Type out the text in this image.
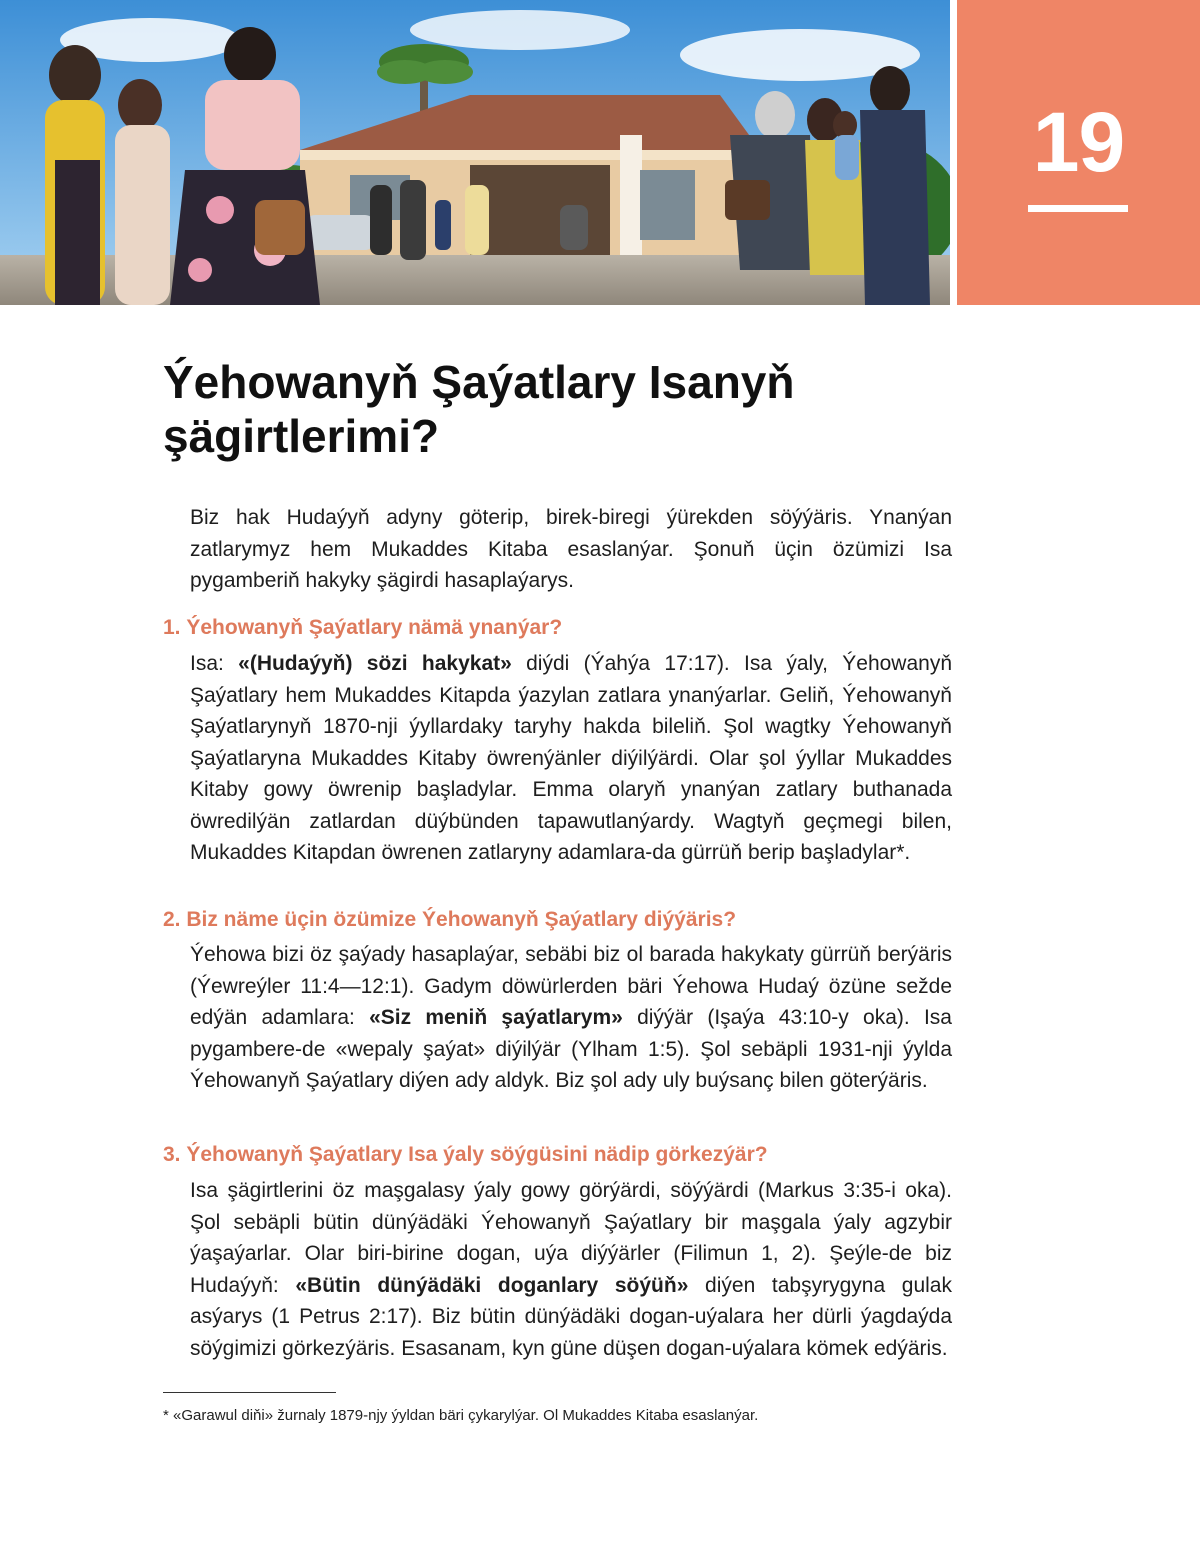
19
Ýehowanyň Şaýatlary Isanyň
şägirtlerimi?

Biz hak Hudaýyň adyny göterip, birek-biregi ýürekden söýýäris. Ynanýan zatlarymyz hem Mukaddes Kitaba esaslanýar. Şonuň üçin özümizi Isa pygamberiň hakyky şägirdi hasaplaýarys.

1. Ýehowanyň Şaýatlary nämä ynanýar?

Isa: «(Hudaýyň) sözi hakykat» diýdi (Ýahýa 17:17). Isa ýaly, Ýehowanyň Şaýatlary hem Mukaddes Kitapda ýazylan zatlara ynanýarlar. Geliň, Ýehowanyň Şaýatlarynyň 1870-nji ýyllardaky taryhy hakda bileliň. Şol wagtky Ýehowanyň Şaýatlaryna Mukaddes Kitaby öwrenýänler diýilýärdi. Olar şol ýyllar Mukaddes Kitaby gowy öwrenip başladylar. Emma olaryň ynanýan zatlary buthanada öwredilýän zatlardan düýbünden tapawutlanýardy. Wagtyň geçmegi bilen, Mukaddes Kitapdan öwrenen zatlaryny adamlara-da gürrüň berip başladylar*.

2. Biz näme üçin özümize Ýehowanyň Şaýatlary diýýäris?

Ýehowa bizi öz şaýady hasaplaýar, sebäbi biz ol barada hakykaty gürrüň berýäris (Ýewreýler 11:4—12:1). Gadym döwürlerden bäri Ýehowa Hudaý özüne sežde edýän adamlara: «Siz meniň şaýatlarym» diýýär (Işaýa 43:10-y oka). Isa pygambere-de «wepaly şaýat» diýilýär (Ylham 1:5). Şol sebäpli 1931-nji ýylda Ýehowanyň Şaýatlary diýen ady aldyk. Biz şol ady uly buýsanç bilen göterýäris.

3. Ýehowanyň Şaýatlary Isa ýaly söýgüsini nädip görkezýär?

Isa şägirtlerini öz maşgalasy ýaly gowy görýärdi, söýýärdi (Markus 3:35-i oka). Şol sebäpli bütin dünýädäki Ýehowanyň Şaýatlary bir maşgala ýaly agzybir ýaşaýarlar. Olar biri-birine dogan, uýa diýýärler (Filimun 1, 2). Şeýle-de biz Hudaýyň: «Bütin dünýädäki doganlary söýüň» diýen tabşyrygyna gulak asýarys (1 Petrus 2:17). Biz bütin dünýädäki dogan-uýalara her dürli ýagdaýda söýgimizi görkezýäris. Esasanam, kyn güne düşen dogan-uýalara kömek edýäris.

* «Garawul diňi» žurnaly 1879-njy ýyldan bäri çykarylýar. Ol Mukaddes Kitaba esaslanýar.
